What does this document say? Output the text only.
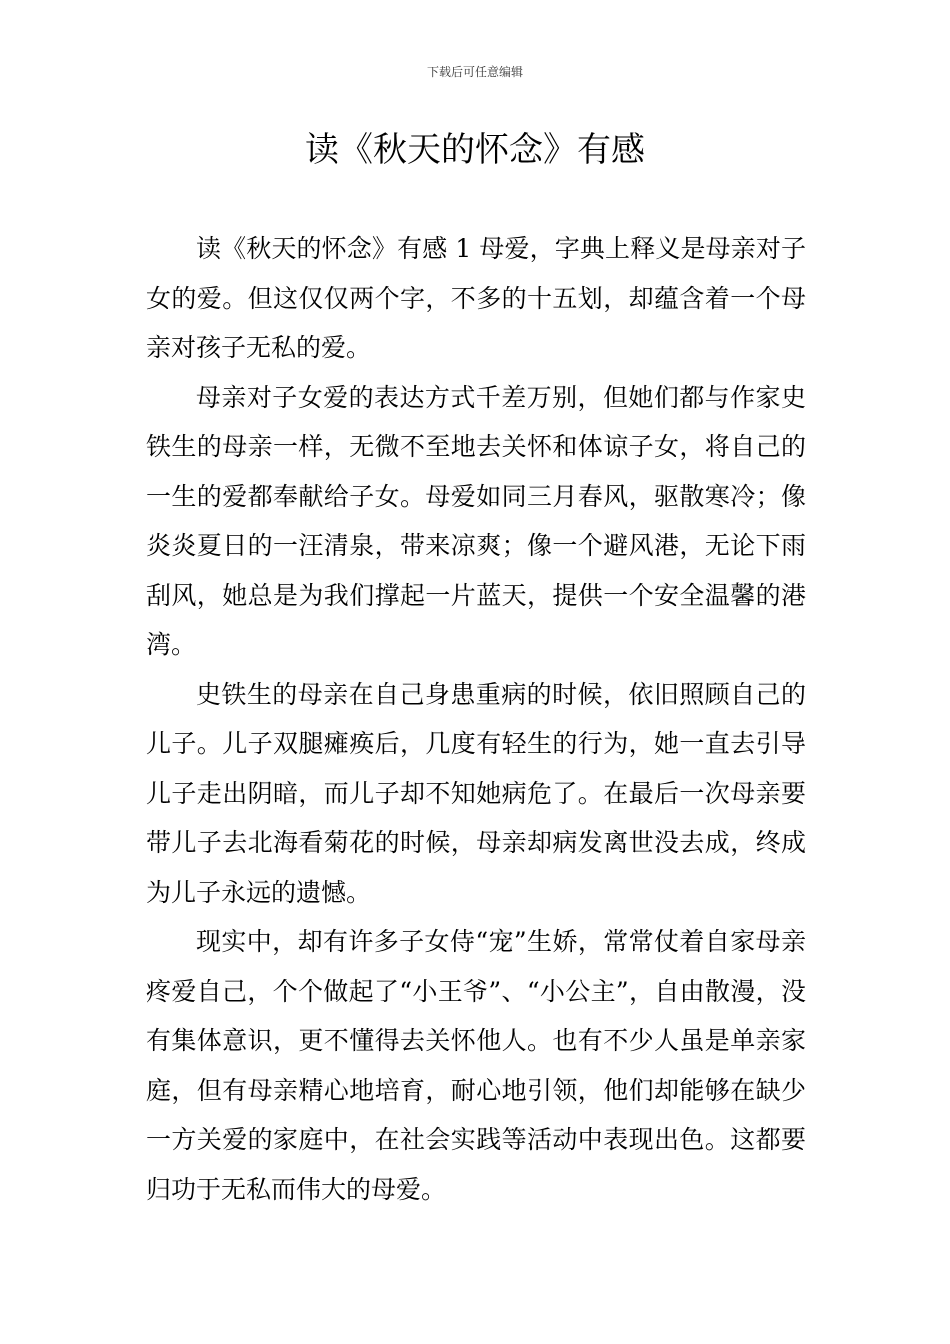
下载后可任意编辑
读《秋天的怀念》有感

读《秋天的怀念》有感 1 母爱，字典上释义是母亲对子女的爱。但这仅仅两个字，不多的十五划，却蕴含着一个母亲对孩子无私的爱。

母亲对子女爱的表达方式千差万别，但她们都与作家史铁生的母亲一样，无微不至地去关怀和体谅子女，将自己的一生的爱都奉献给子女。母爱如同三月春风，驱散寒冷；像炎炎夏日的一汪清泉，带来凉爽；像一个避风港，无论下雨刮风，她总是为我们撑起一片蓝天，提供一个安全温馨的港湾。

史铁生的母亲在自己身患重病的时候，依旧照顾自己的儿子。儿子双腿瘫痪后，几度有轻生的行为，她一直去引导儿子走出阴暗，而儿子却不知她病危了。在最后一次母亲要带儿子去北海看菊花的时候，母亲却病发离世没去成，终成为儿子永远的遗憾。

现实中，却有许多子女侍“宠”生娇，常常仗着自家母亲疼爱自己，个个做起了“小王爷”、“小公主”，自由散漫，没有集体意识，更不懂得去关怀他人。也有不少人虽是单亲家庭，但有母亲精心地培育，耐心地引领，他们却能够在缺少一方关爱的家庭中，在社会实践等活动中表现出色。这都要归功于无私而伟大的母爱。
